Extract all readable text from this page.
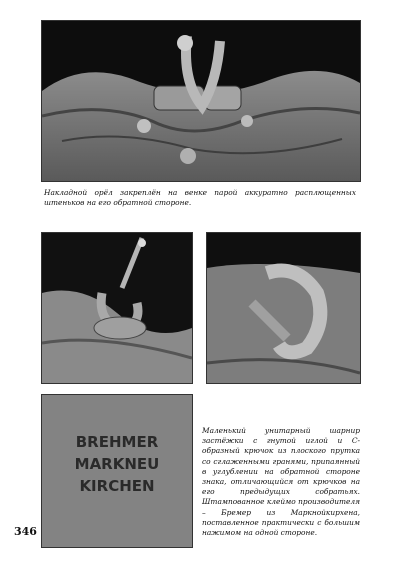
Накладной орёл закреплён на венке парой аккуратно расплющенных штеньков на его обратной стороне.

BREHMER
MARKNEU
KIRCHEN

Маленький унитарный шарнир застёжки с гнутой иглой и С-образный крючок из плоского прутка со сглаженными гранями, припаянный в углублении на обратной стороне знака, отличающийся от крючков на его предыдущих собратьях. Штампованное клеймо производителя – Бремер из Маркнойкирхена, поставленное практически с большим нажимом на одной стороне.

346
